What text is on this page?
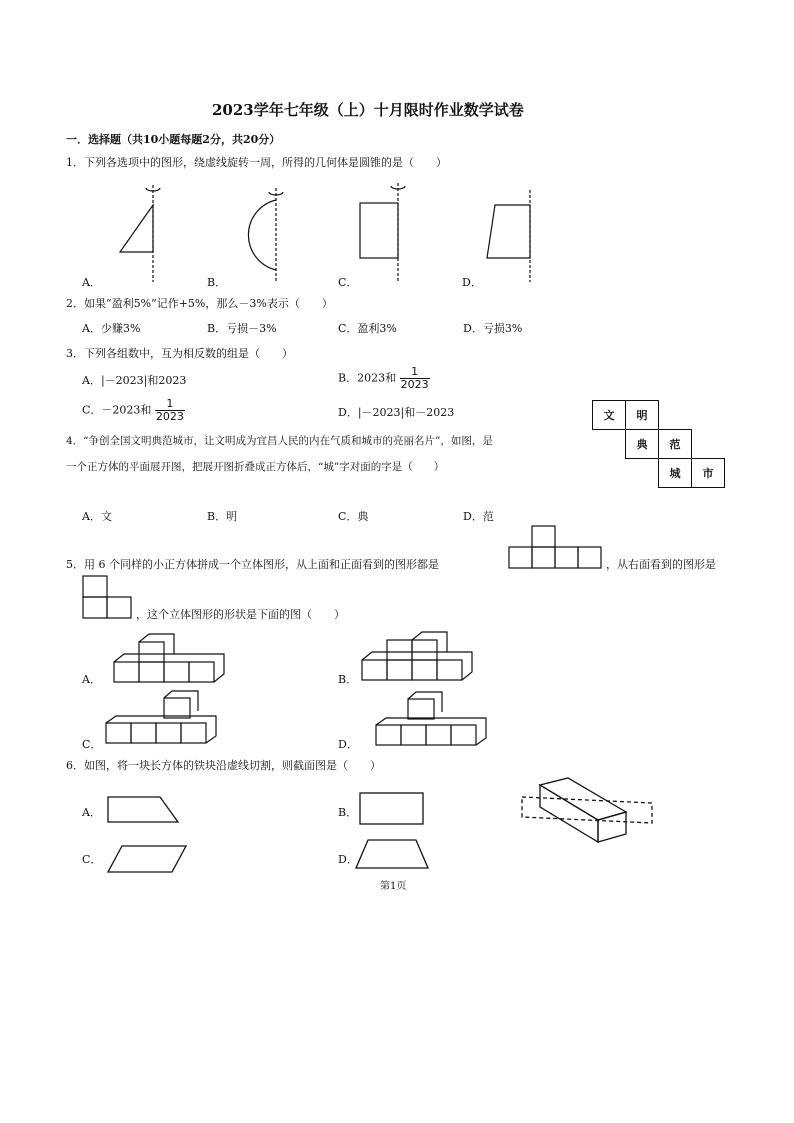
2023学年七年级（上）十月限时作业数学试卷
一．选择题（共10小题每题2分，共20分）
1．下列各选项中的图形，绕虚线旋转一周，所得的几何体是圆锥的是（　　）
A．	B．	C．	D．
2．如果“盈利5%”记作+5%，那么－3%表示（　　）
A．少赚3%	B．亏损－3%	C．盈利3%	D．亏损3%
3．下列各组数中，互为相反数的组是（　　）
A．|－2023|和2023	B．2023和 $\frac{1}{2023}$
C．－2023和 $\frac{1}{2023}$	D．|－2023|和－2023	文	明		
	典	范	
		城	市
4．“争创全国文明典范城市，让文明成为宜昌人民的内在气质和城市的亮丽名片”，如图，是
一个正方体的平面展开图，把展开图折叠成正方体后，“城”字对面的字是（　　）
A．文	B．明	C．典	D．范
5．用 6 个同样的小正方体拼成一个立体图形，从上面和正面看到的图形都是	，从右面看到的图形是
，这个立体图形的形状是下面的图（　　）
A．	B．
C．	D．
6．如图，将一块长方体的铁块沿虚线切割，则截面图是（　　）
A．	B．
C．	D．
第1页
